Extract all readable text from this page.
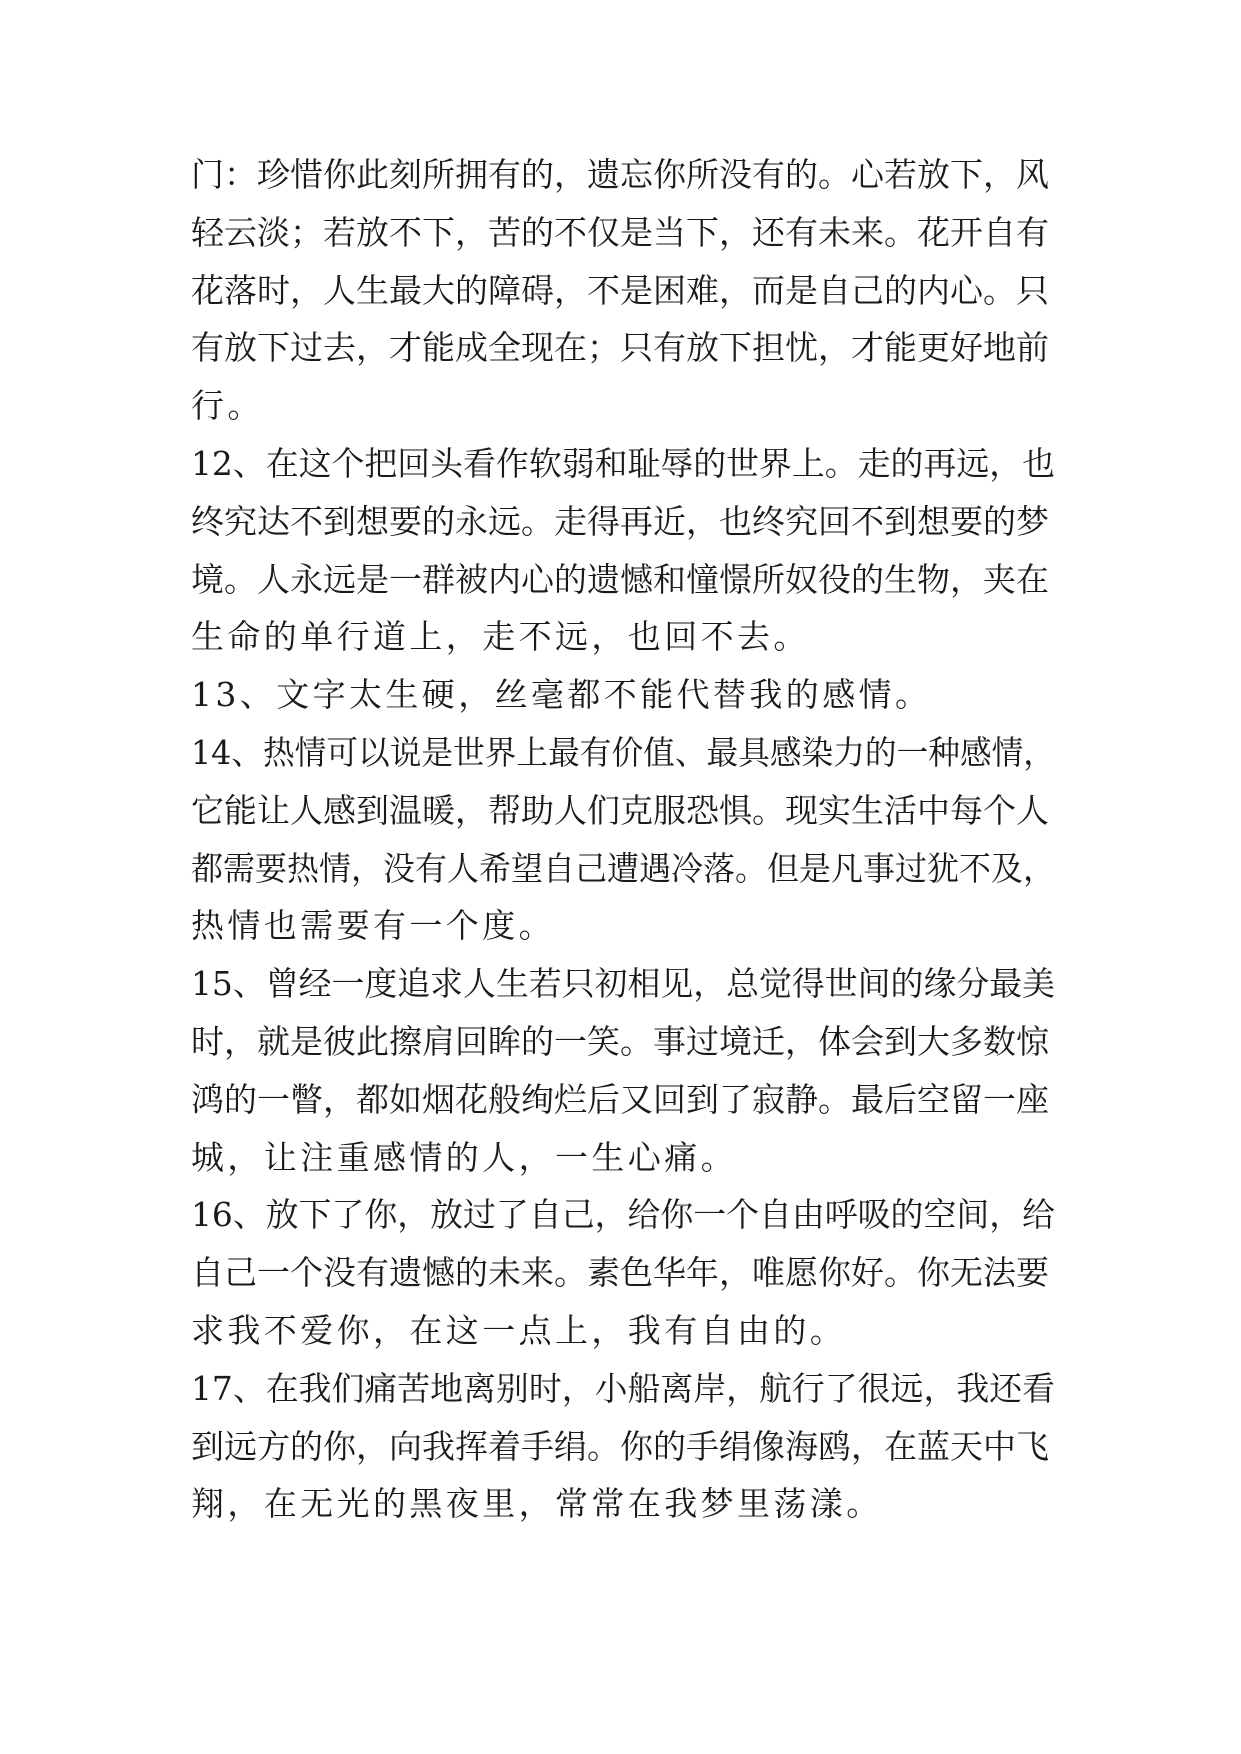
门：珍惜你此刻所拥有的，遗忘你所没有的。心若放下，风
轻云淡；若放不下，苦的不仅是当下，还有未来。花开自有
花落时，人生最大的障碍，不是困难，而是自己的内心。只
有放下过去，才能成全现在；只有放下担忧，才能更好地前
行。
12、在这个把回头看作软弱和耻辱的世界上。走的再远，也
终究达不到想要的永远。走得再近，也终究回不到想要的梦
境。人永远是一群被内心的遗憾和憧憬所奴役的生物，夹在
生命的单行道上，走不远，也回不去。
13、文字太生硬，丝毫都不能代替我的感情。
14、热情可以说是世界上最有价值、最具感染力的一种感情，
它能让人感到温暖，帮助人们克服恐惧。现实生活中每个人
都需要热情，没有人希望自己遭遇冷落。但是凡事过犹不及，
热情也需要有一个度。
15、曾经一度追求人生若只初相见，总觉得世间的缘分最美
时，就是彼此擦肩回眸的一笑。事过境迁，体会到大多数惊
鸿的一瞥，都如烟花般绚烂后又回到了寂静。最后空留一座
城，让注重感情的人，一生心痛。
16、放下了你，放过了自己，给你一个自由呼吸的空间，给
自己一个没有遗憾的未来。素色华年，唯愿你好。你无法要
求我不爱你，在这一点上，我有自由的。
17、在我们痛苦地离别时，小船离岸，航行了很远，我还看
到远方的你，向我挥着手绢。你的手绢像海鸥，在蓝天中飞
翔，在无光的黑夜里，常常在我梦里荡漾。
